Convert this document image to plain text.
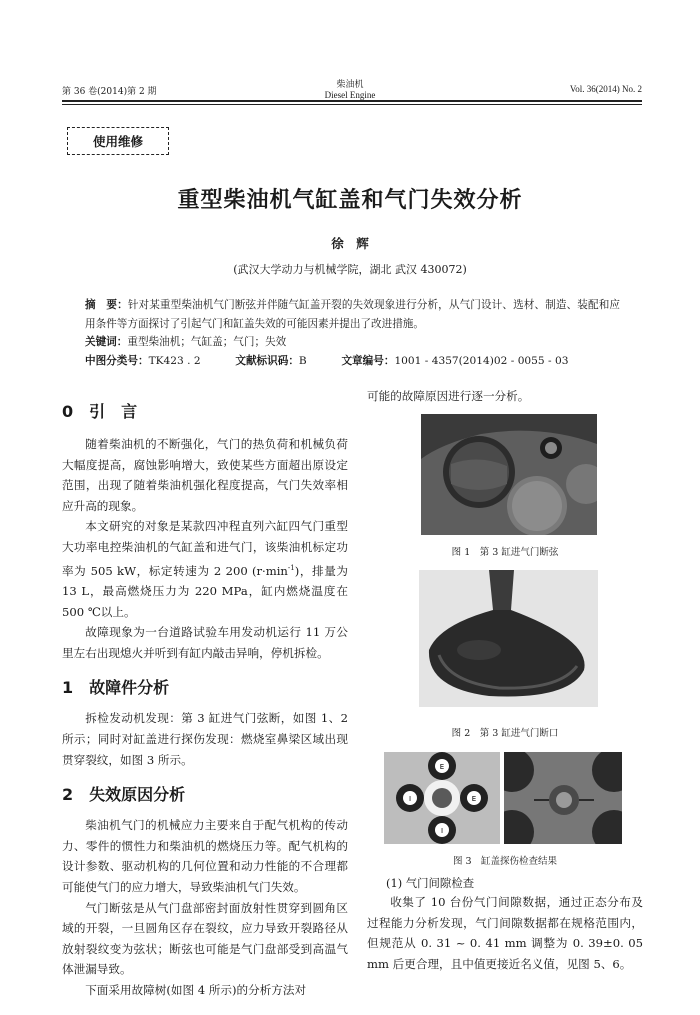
第 36 卷(2014)第 2 期
柴油机
Diesel Engine
Vol. 36(2014) No. 2
使用维修
重型柴油机气缸盖和气门失效分析
徐　辉
(武汉大学动力与机械学院，湖北 武汉 430072)
摘　要：针对某重型柴油机气门断弦并伴随气缸盖开裂的失效现象进行分析，从气门设计、选材、制造、装配和应用条件等方面探讨了引起气门和缸盖失效的可能因素并提出了改进措施。
关键词：重型柴油机；气缸盖；气门；失效
中图分类号：TK423 . 2	文献标识码：B	文章编号：1001 - 4357(2014)02 - 0055 - 03
0　引　言

随着柴油机的不断强化，气门的热负荷和机械负荷大幅度提高，腐蚀影响增大，致使某些方面超出原设定范围，出现了随着柴油机强化程度提高，气门失效率相应升高的现象。

本文研究的对象是某款四冲程直列六缸四气门重型大功率电控柴油机的气缸盖和进气门，该柴油机标定功率为 505 kW，标定转速为 2 200 $(r\cdot\min^{-1})$，排量为 13 L，最高燃烧压力为 220 MPa，缸内燃烧温度在 500 ℃以上。

故障现象为一台道路试验车用发动机运行 11 万公里左右出现熄火并听到有缸内敲击异响，停机拆检。

1　故障件分析

拆检发动机发现：第 3 缸进气门弦断，如图 1、2 所示；同时对缸盖进行探伤发现：燃烧室鼻梁区域出现贯穿裂纹，如图 3 所示。

2　失效原因分析

柴油机气门的机械应力主要来自于配气机构的传动力、零件的惯性力和柴油机的燃烧压力等。配气机构的设计参数、驱动机构的几何位置和动力性能的不合理都可能使气门的应力增大，导致柴油机气门失效。

气门断弦是从气门盘部密封面放射性贯穿到圆角区域的开裂，一旦圆角区存在裂纹，应力导致开裂路径从放射裂纹变为弦状；断弦也可能是气门盘部受到高温气体泄漏导致。

下面采用故障树(如图 4 所示)的分析方法对

可能的故障原因进行逐一分析。
图 1　第 3 缸进气门断弦
图 2　第 3 缸进气门断口
E
I	E
I
图 3　缸盖探伤检查结果
(1) 气门间隙检查

收集了 10 台份气门间隙数据，通过正态分布及过程能力分析发现，气门间隙数据都在规格范围内，但规范从 0. 31 ~ 0. 41 mm 调整为 0. 39±0. 05 mm 后更合理，且中值更接近名义值，见图 5、6。
